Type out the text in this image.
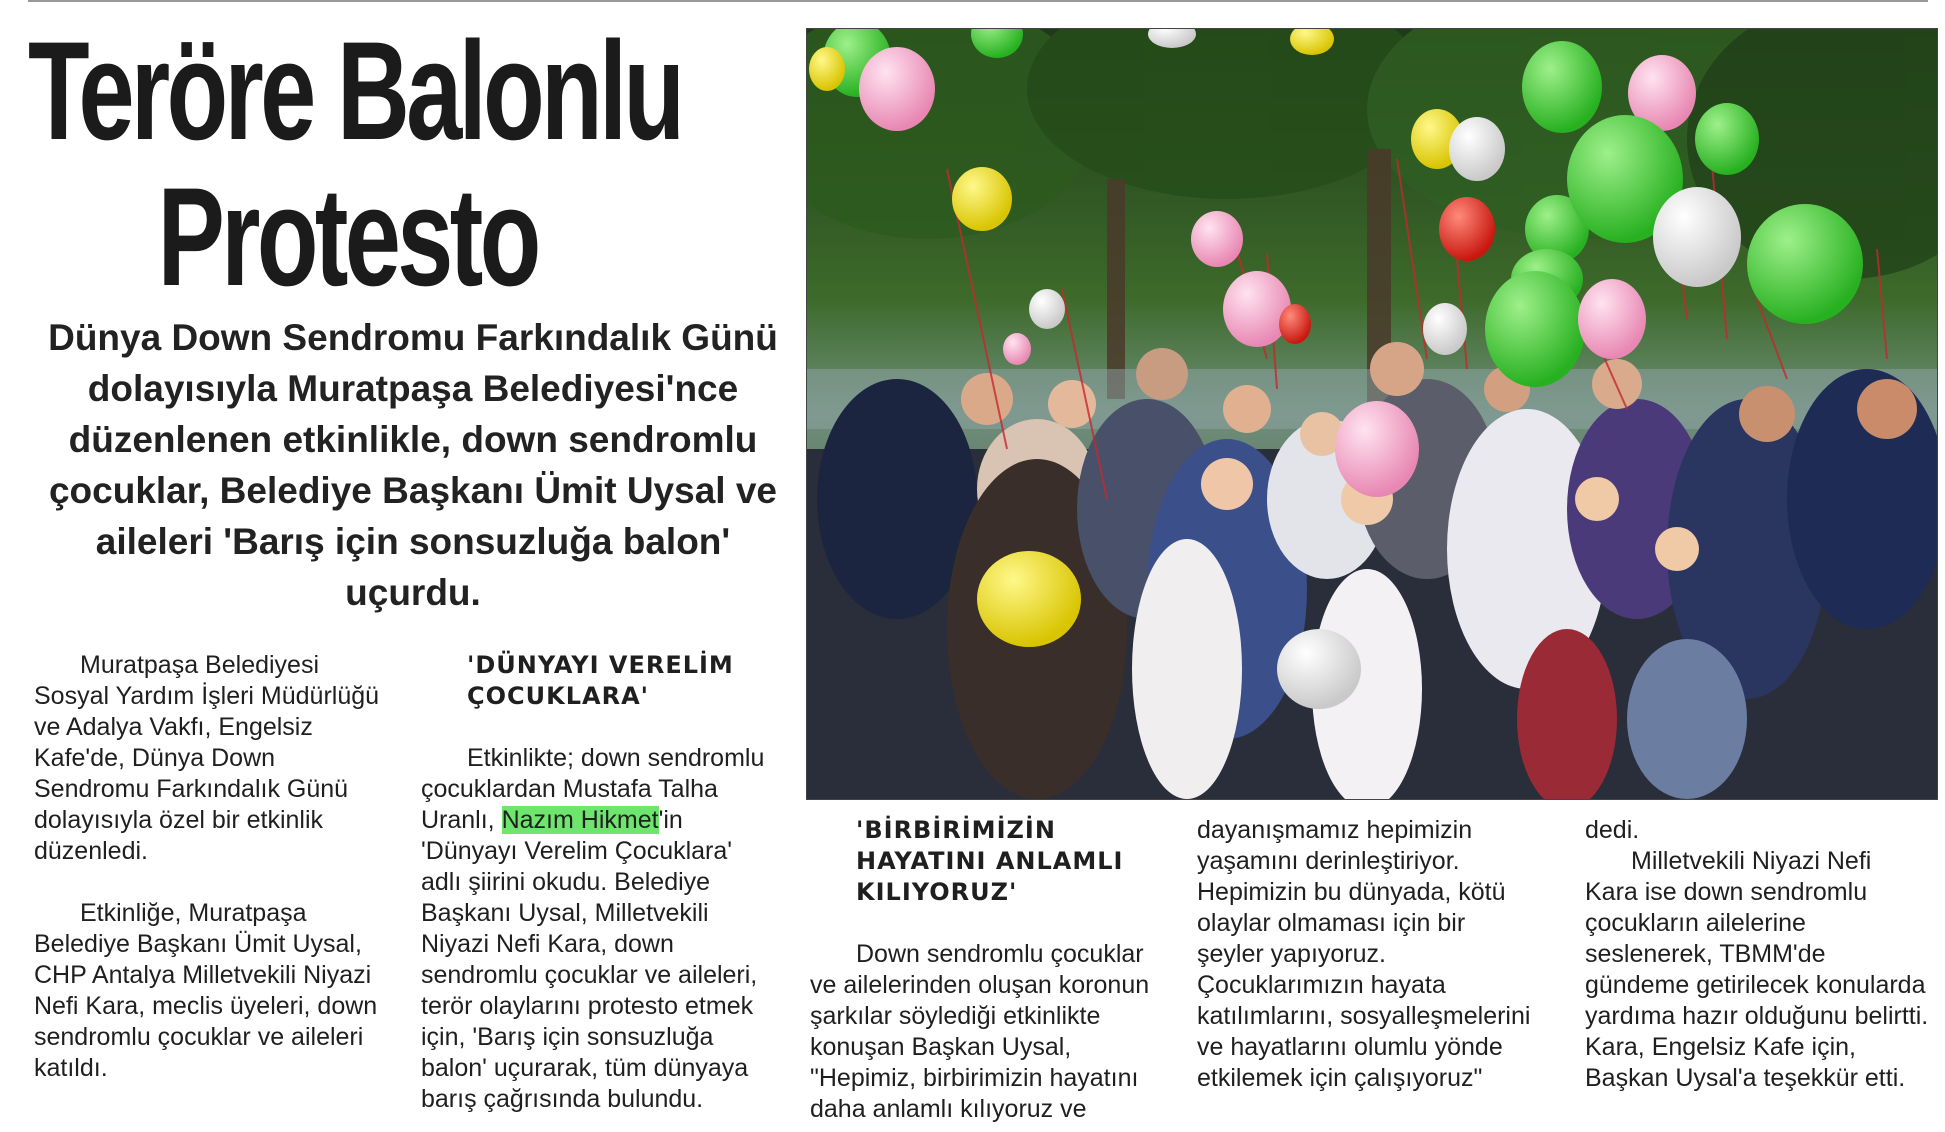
Teröre Balonlu
Protesto

Dünya Down Sendromu Farkındalık Günü dolayısıyla Muratpaşa Belediyesi'nce düzenlenen etkinlikle, down sendromlu çocuklar, Belediye Başkanı Ümit Uysal ve aileleri 'Barış için sonsuzluğa balon' uçurdu.

Muratpaşa Belediyesi Sosyal Yardım İşleri Müdürlüğü ve Adalya Vakfı, Engelsiz Kafe'de, Dünya Down Sendromu Farkındalık Günü dolayısıyla özel bir etkinlik düzenledi.

Etkinliğe, Muratpaşa Belediye Başkanı Ümit Uysal, CHP Antalya Milletvekili Niyazi Nefi Kara, meclis üyeleri, down sendromlu çocuklar ve aileleri katıldı.

'DÜNYAYI VERELİM ÇOCUKLARA'

Etkinlikte; down sendromlu çocuklardan Mustafa Talha Uranlı, Nazım Hikmet'in 'Dünyayı Verelim Çocuklara' adlı şiirini okudu. Belediye Başkanı Uysal, Milletvekili Niyazi Nefi Kara, down sendromlu çocuklar ve aileleri, terör olaylarını protesto etmek için, 'Barış için sonsuzluğa balon' uçurarak, tüm dünyaya barış çağrısında bulundu.

'BİRBİRİMİZİN HAYATINI ANLAMLI KILIYORUZ'

Down sendromlu çocuklar ve ailelerinden oluşan koronun şarkılar söylediği etkinlikte konuşan Başkan Uysal, "Hepimiz, birbirimizin hayatını daha anlamlı kılıyoruz ve

dayanışmamız hepimizin yaşamını derinleştiriyor. Hepimizin bu dünyada, kötü olaylar olmaması için bir şeyler yapıyoruz. Çocuklarımızın hayata katılımlarını, sosyalleşmelerini ve hayatlarını olumlu yönde etkilemek için çalışıyoruz"

dedi.

Milletvekili Niyazi Nefi Kara ise down sendromlu çocukların ailelerine seslenerek, TBMM'de gündeme getirilecek konularda yardıma hazır olduğunu belirtti. Kara, Engelsiz Kafe için, Başkan Uysal'a teşekkür etti.
